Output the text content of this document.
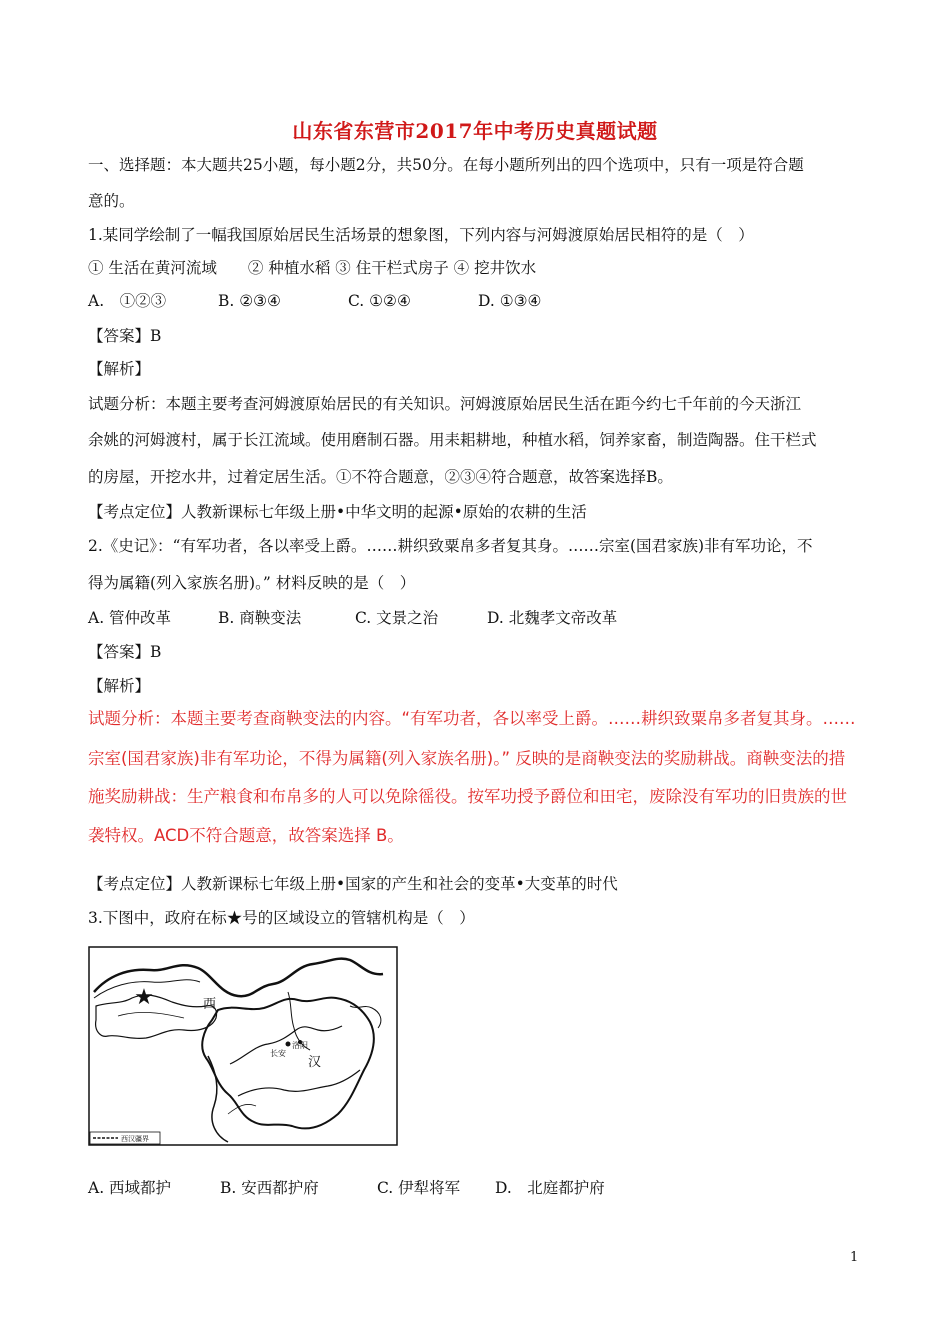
山东省东营市2017年中考历史真题试题
一、选择题：本大题共25小题，每小题2分，共50分。在每小题所列出的四个选项中，只有一项是符合题
意的。
1.某同学绘制了一幅我国原始居民生活场景的想象图，下列内容与河姆渡原始居民相符的是（　）
① 生活在黄河流域　　② 种植水稻 ③ 住干栏式房子 ④ 挖井饮水
A.　①②③	B. ②③④	C. ①②④	D. ①③④
【答案】B
【解析】
试题分析：本题主要考查河姆渡原始居民的有关知识。河姆渡原始居民生活在距今约七千年前的今天浙江
余姚的河姆渡村，属于长江流域。使用磨制石器。用耒耜耕地，种植水稻，饲养家畜，制造陶器。住干栏式
的房屋，开挖水井，过着定居生活。①不符合题意，②③④符合题意，故答案选择B。
【考点定位】人教新课标七年级上册•中华文明的起源•原始的农耕的生活
2.《史记》：“有军功者，各以率受上爵。……耕织致粟帛多者复其身。……宗室(国君家族)非有军功论，不
得为属籍(列入家族名册)。” 材料反映的是（　）
A. 管仲改革	B. 商鞅变法	C. 文景之治	D. 北魏孝文帝改革
【答案】B
【解析】
试题分析：本题主要考查商鞅变法的内容。“有军功者，各以率受上爵。……耕织致粟帛多者复其身。……
宗室(国君家族)非有军功论，不得为属籍(列入家族名册)。” 反映的是商鞅变法的奖励耕战。商鞅变法的措
施奖励耕战：生产粮食和布帛多的人可以免除徭役。按军功授予爵位和田宅，废除没有军功的旧贵族的世
袭特权。ACD不符合题意，故答案选择 B。
【考点定位】人教新课标七年级上册•国家的产生和社会的变革•大变革的时代
3.下图中，政府在标★号的区域设立的管辖机构是（　）
★	西
长安
洛阳
汉
西汉疆界
A. 西域都护	B. 安西都护府	C. 伊犁将军 D.　北庭都护府
1
